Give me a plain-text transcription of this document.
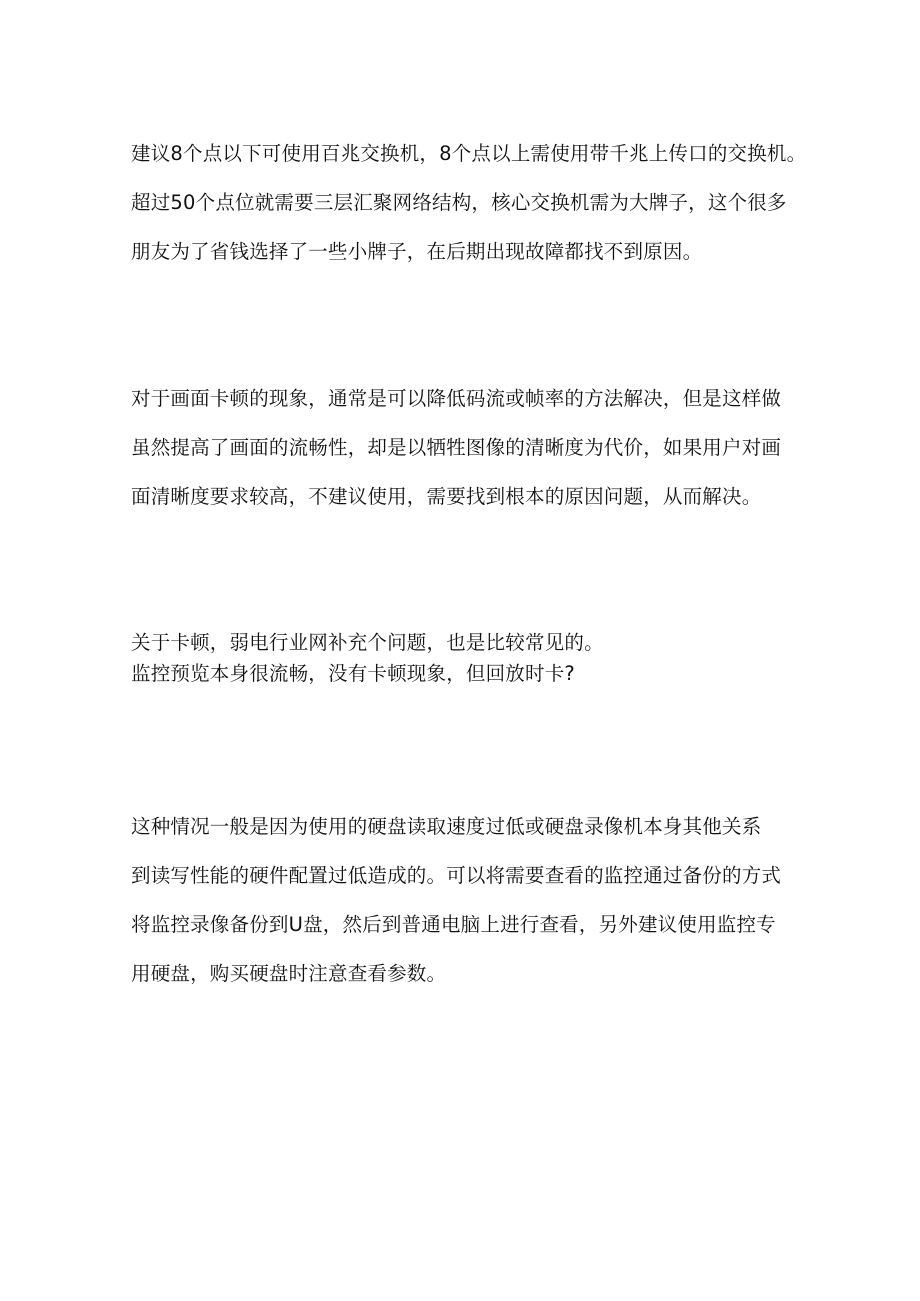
建议8个点以下可使用百兆交换机，8个点以上需使用带千兆上传口的交换机。
超过50个点位就需要三层汇聚网络结构，核心交换机需为大牌子，这个很多
朋友为了省钱选择了一些小牌子，在后期出现故障都找不到原因。

对于画面卡顿的现象，通常是可以降低码流或帧率的方法解决，但是这样做
虽然提高了画面的流畅性，却是以牺牲图像的清晰度为代价，如果用户对画
面清晰度要求较高，不建议使用，需要找到根本的原因问题，从而解决。

关于卡顿，弱电行业网补充个问题，也是比较常见的。
监控预览本身很流畅，没有卡顿现象，但回放时卡?

这种情况一般是因为使用的硬盘读取速度过低或硬盘录像机本身其他关系
到读写性能的硬件配置过低造成的。可以将需要查看的监控通过备份的方式
将监控录像备份到U盘，然后到普通电脑上进行查看，另外建议使用监控专
用硬盘，购买硬盘时注意查看参数。
